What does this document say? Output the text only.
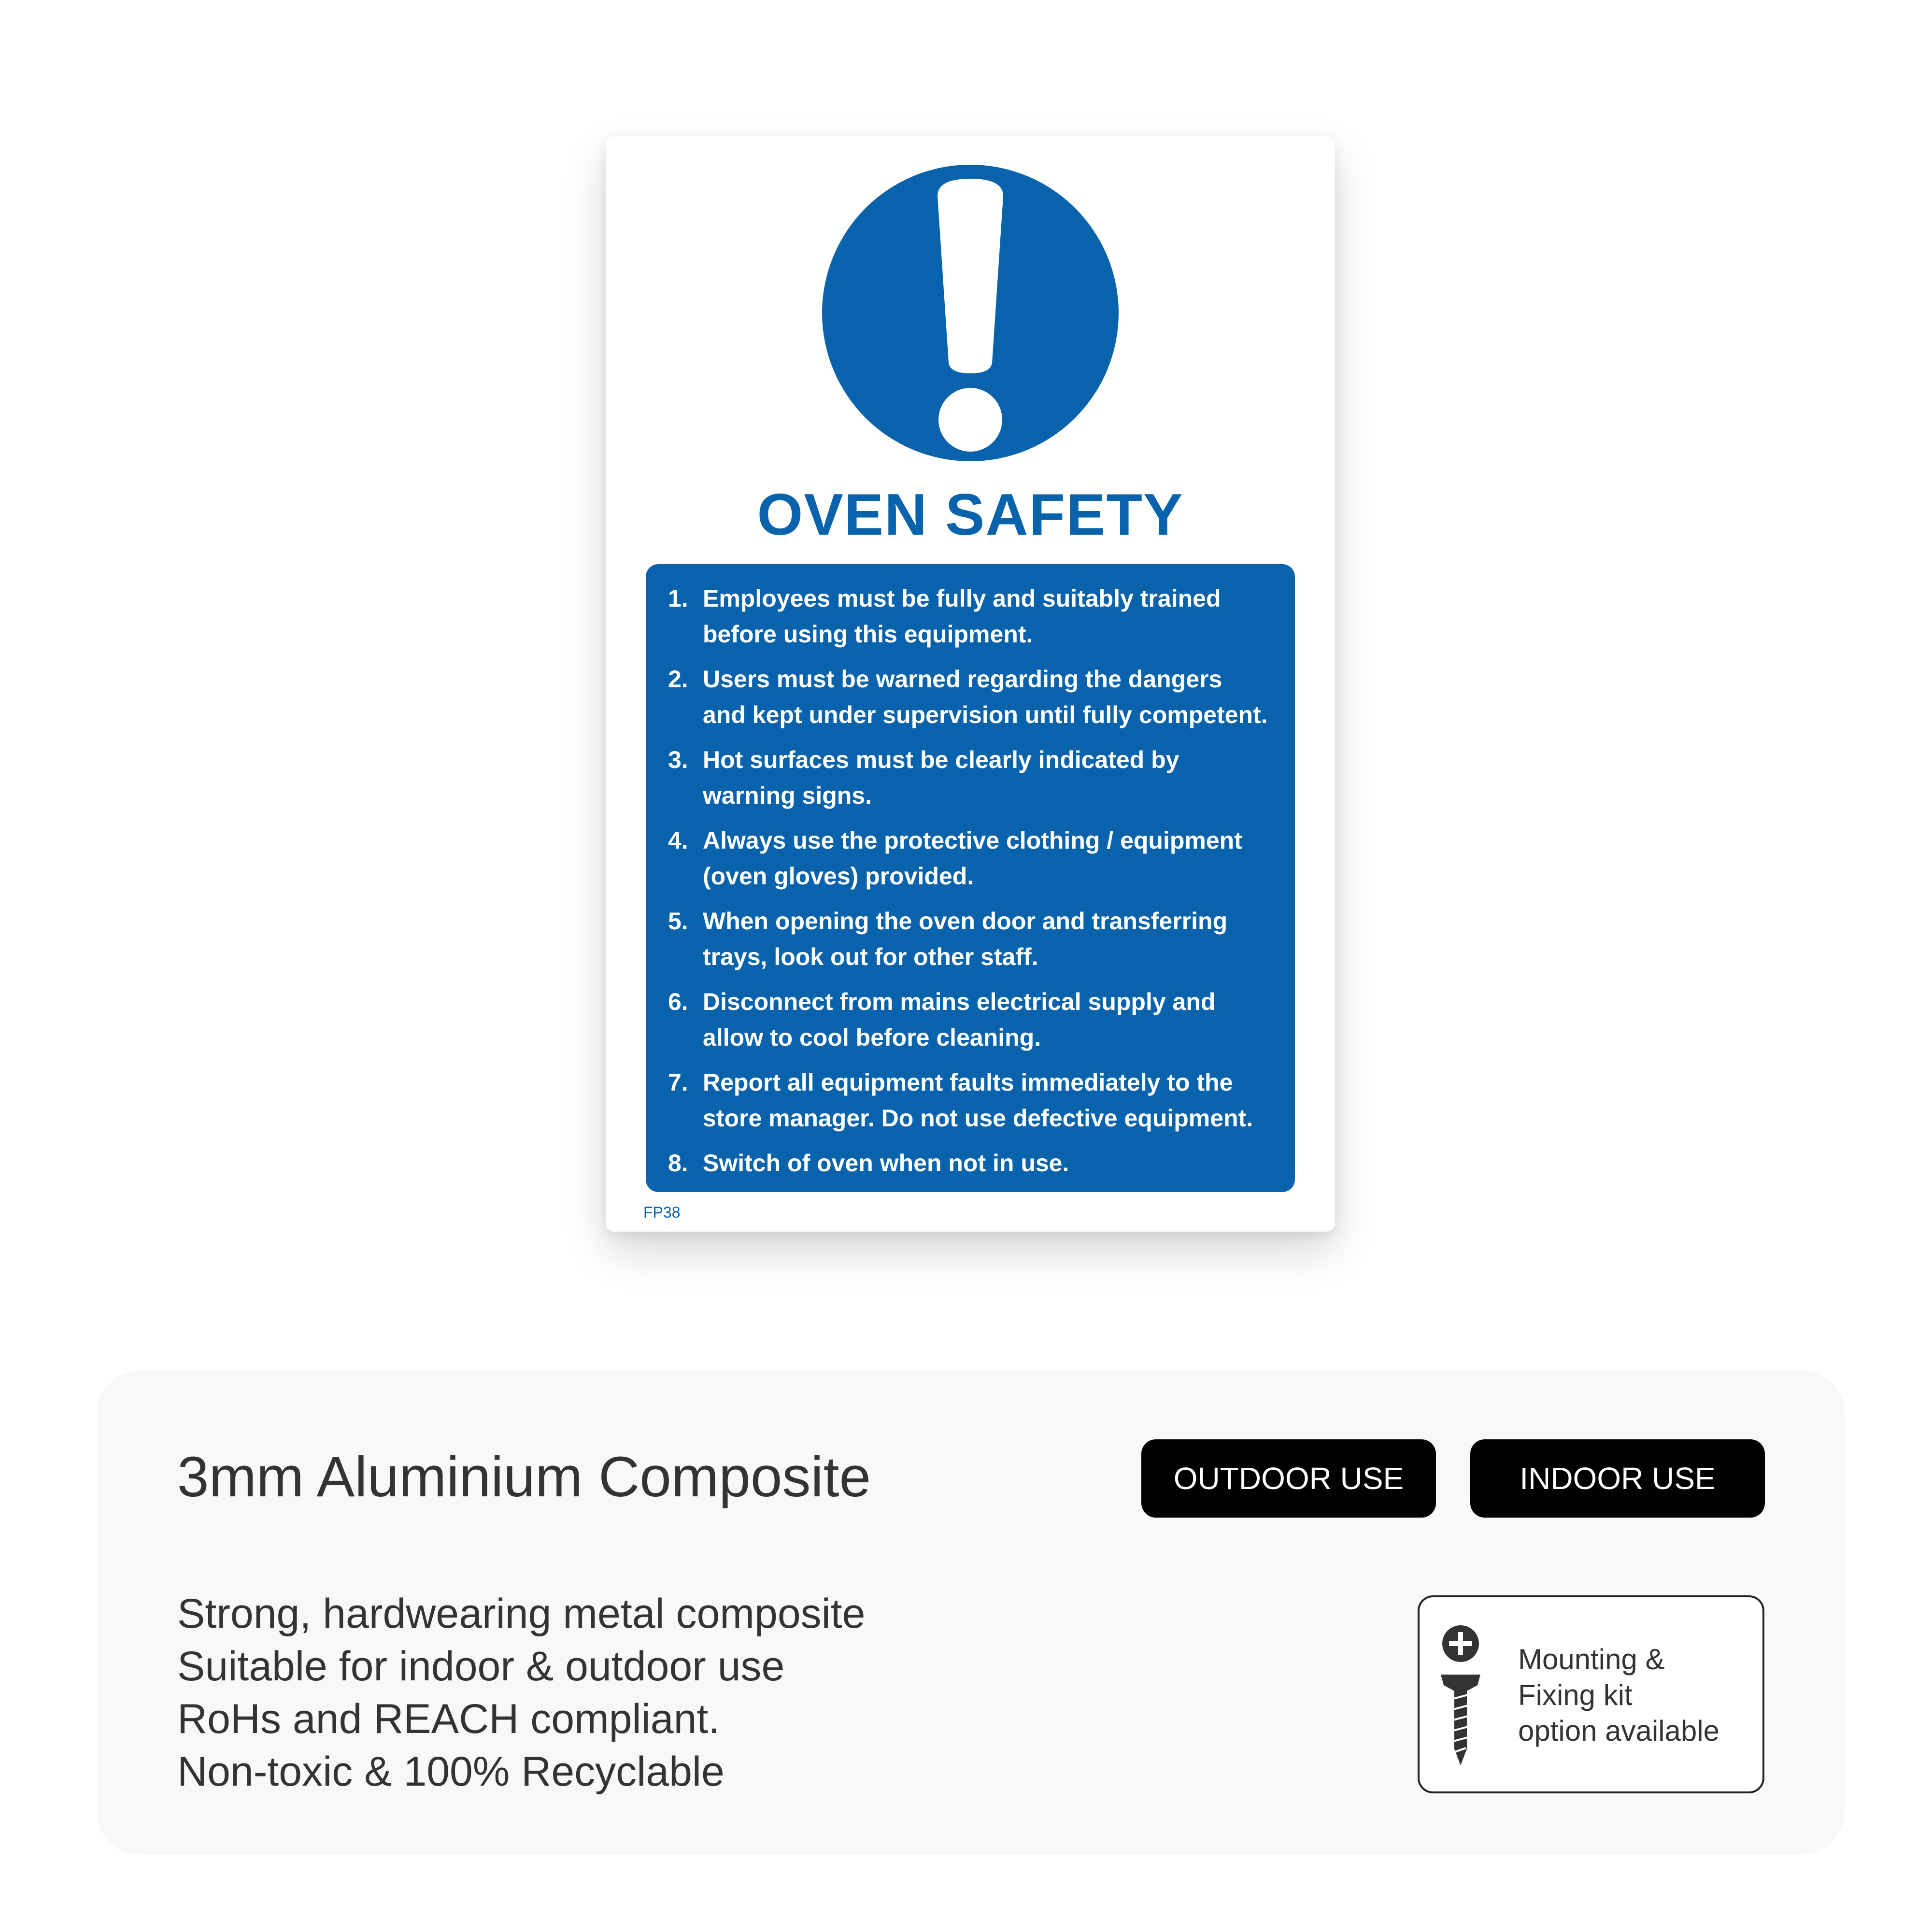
OVEN SAFETY
1. Employees must be fully and suitably trained before using this equipment.
2. Users must be warned regarding the dangers and kept under supervision until fully competent.
3. Hot surfaces must be clearly indicated by warning signs.
4. Always use the protective clothing / equipment (oven gloves) provided.
5. When opening the oven door and transferring trays, look out for other staff.
6. Disconnect from mains electrical supply and allow to cool before cleaning.
7. Report all equipment faults immediately to the store manager. Do not use defective equipment.
8. Switch of oven when not in use.
FP38
3mm Aluminium Composite	OUTDOOR USE	INDOOR USE
Strong, hardwearing metal composite
Suitable for indoor & outdoor use
RoHs and REACH compliant.
Non-toxic & 100% Recyclable
Mounting &
Fixing kit
option available
